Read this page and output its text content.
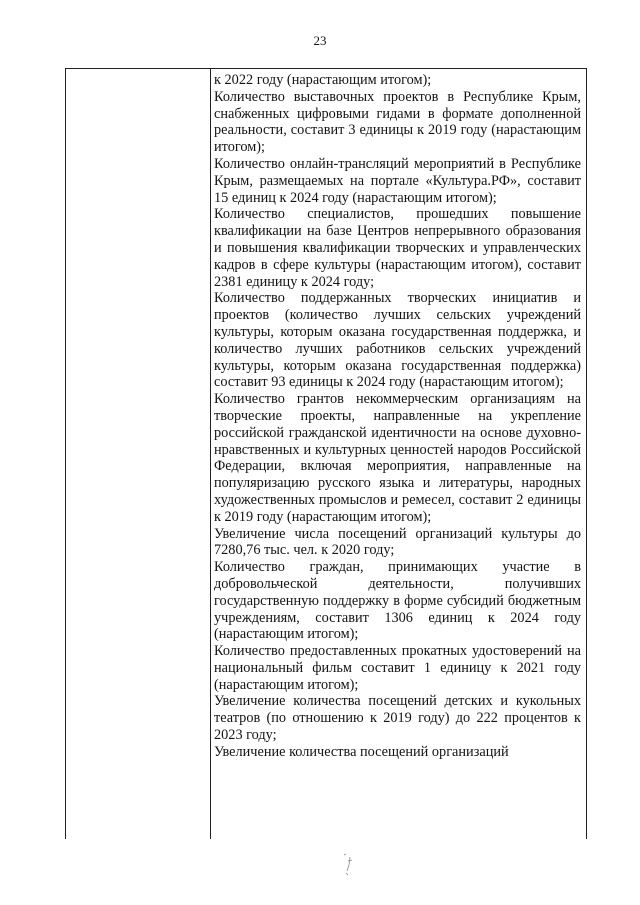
23

к 2022 году (нарастающим итогом);

Количество выставочных проектов в Республике Крым, снабженных цифровыми гидами в формате дополненной реальности, составит 3 единицы к 2019 году (нарастающим итогом);

Количество онлайн-трансляций мероприятий в Республике Крым, размещаемых на портале «Культура.РФ», составит 15 единиц к 2024 году (нарастающим итогом);

Количество специалистов, прошедших повышение квалификации на базе Центров непрерывного образования и повышения квалификации творческих и управленческих кадров в сфере культуры (нарастающим итогом), составит 2381 единицу к 2024 году;

Количество поддержанных творческих инициатив и проектов (количество лучших сельских учреждений культуры, которым оказана государственная поддержка, и количество лучших работников сельских учреждений культуры, которым оказана государственная поддержка) составит 93 единицы к 2024 году (нарастающим итогом);

Количество грантов некоммерческим организациям на творческие проекты, направленные на укрепление российской гражданской идентичности на основе духовно-нравственных и культурных ценностей народов Российской Федерации, включая мероприятия, направленные на популяризацию русского языка и литературы, народных художественных промыслов и ремесел, составит 2 единицы к 2019 году (нарастающим итогом);

Увеличение числа посещений организаций культуры до 7280,76 тыс. чел. к 2020 году;

Количество граждан, принимающих участие в добровольческой деятельности, получивших государственную поддержку в форме субсидий бюджетным учреждениям, составит 1306 единиц к 2024 году (нарастающим итогом);

Количество предоставленных прокатных удостоверений на национальный фильм составит 1 единицу к 2021 году (нарастающим итогом);

Увеличение количества посещений детских и кукольных театров (по отношению к 2019 году) до 222 процентов к 2023 году;

Увеличение количества посещений организаций
